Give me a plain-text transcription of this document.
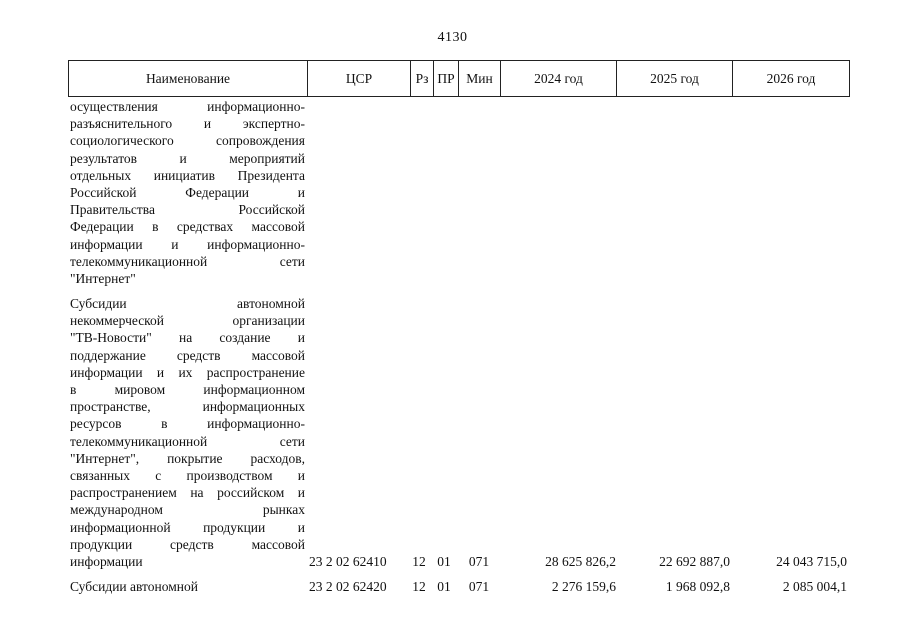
4130
Наименование	ЦСР	Рз ПР Мин	2024 год	2025 год	2026 год
осуществления информационно-
разъяснительного и экспертно-
социологического сопровождения
результатов и мероприятий
отдельных инициатив Президента
Российской Федерации и
Правительства Российской
Федерации в средствах массовой
информации и информационно-
телекоммуникационной сети
"Интернет"
Субсидии автономной
некоммерческой организации
"ТВ-Новости" на создание и
поддержание средств массовой
информации и их распространение
в мировом информационном
пространстве, информационных
ресурсов в информационно-
телекоммуникационной сети
"Интернет", покрытие расходов,
связанных с производством и
распространением на российском и
международном рынках
информационной продукции и
продукции средств массовой
информации	23 2 02 62410	12 01	071	28 625 826,2	22 692 887,0	24 043 715,0
Субсидии автономной	23 2 02 62420	12 01	071	2 276 159,6	1 968 092,8	2 085 004,1
